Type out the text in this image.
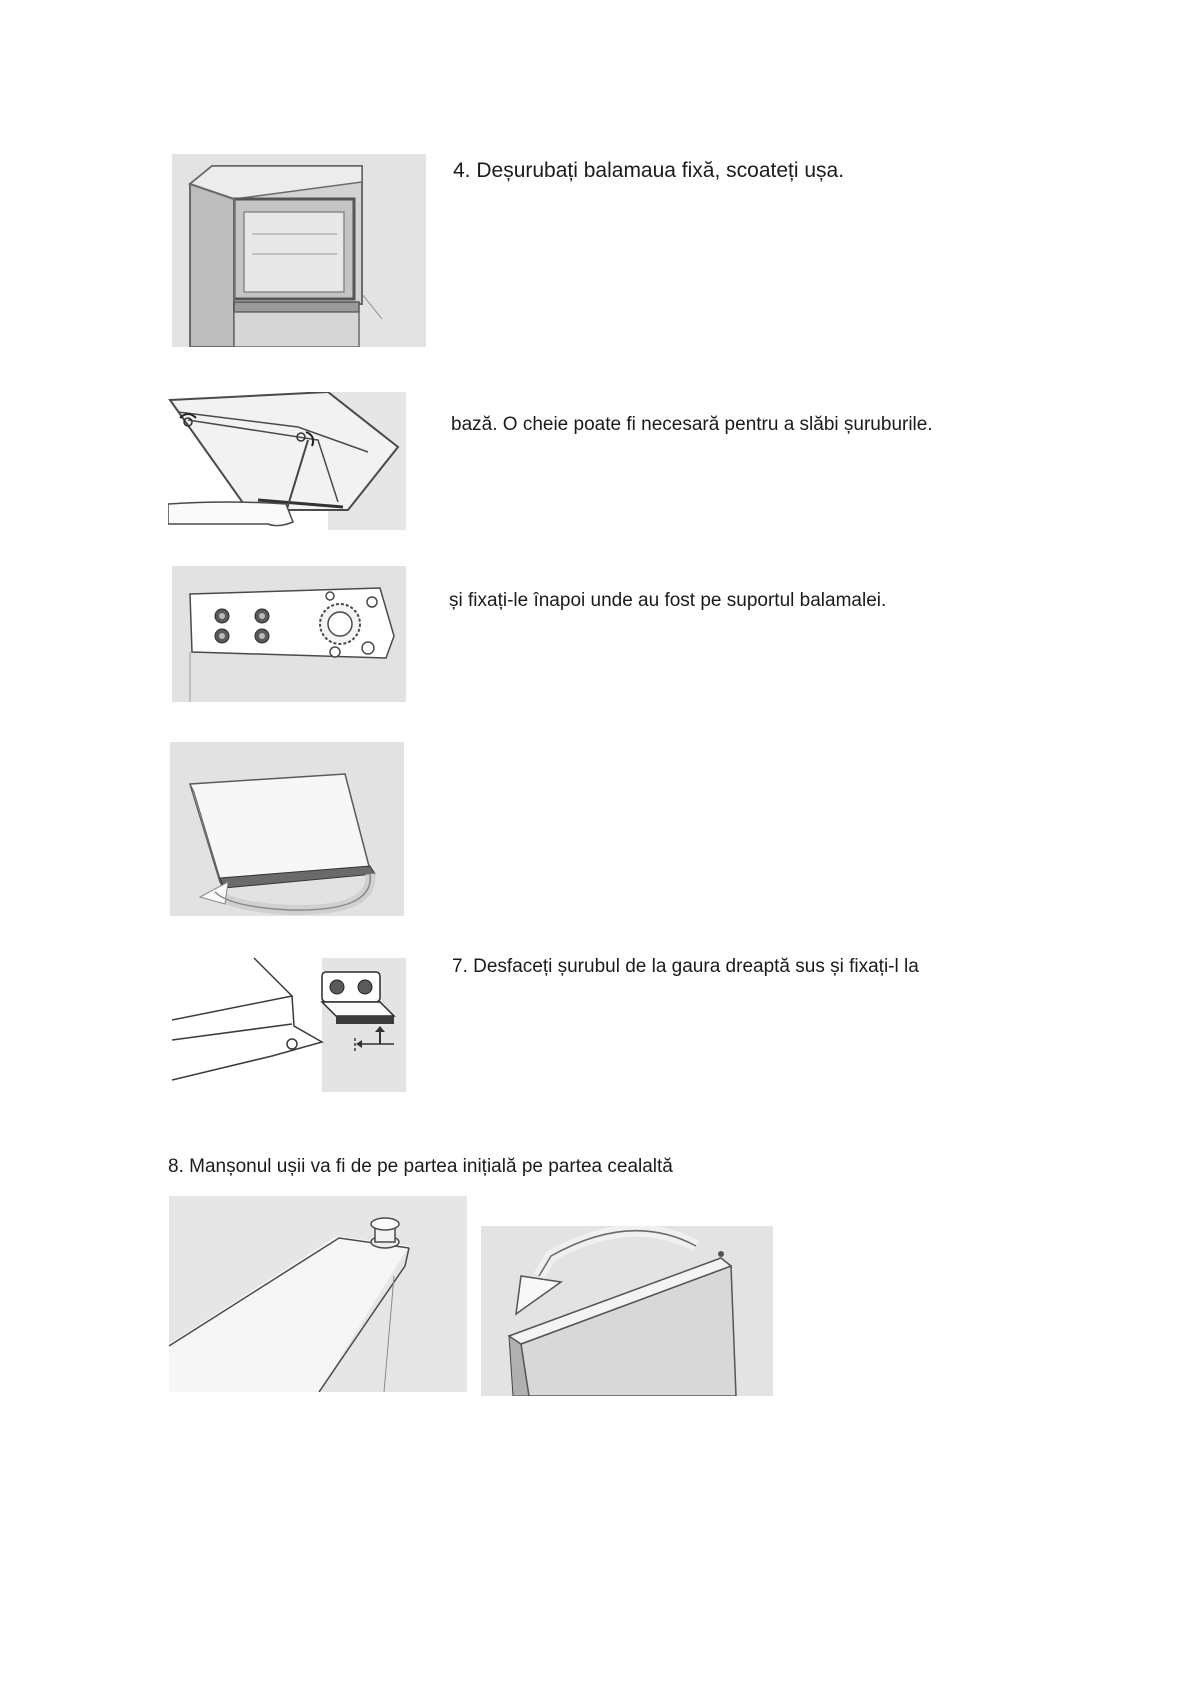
4. Deșurubați balamaua fixă, scoateți ușa.
bază. O cheie poate fi necesară pentru a slăbi șuruburile.
și fixați-le înapoi unde au fost pe suportul balamalei.
7. Desfaceți șurubul de la gaura dreaptă sus și fixați-l la
8. Manșonul ușii va fi de pe partea inițială pe partea cealaltă
